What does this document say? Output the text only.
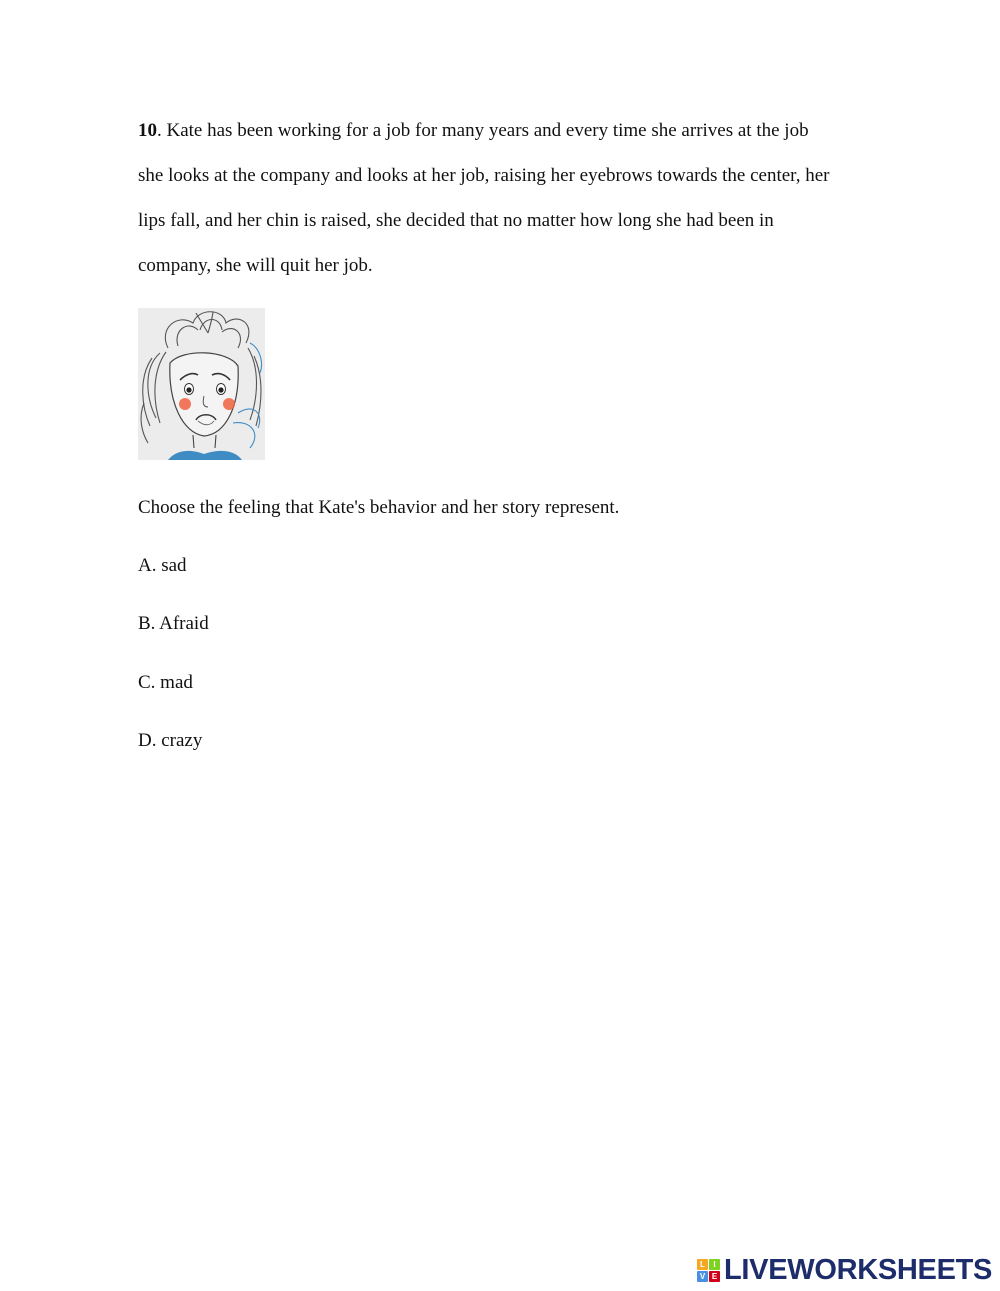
10. Kate has been working for a job for many years and every time she arrives at the job
she looks at the company and looks at her job, raising her eyebrows towards the center, her
lips fall, and her chin is raised, she decided that no matter how long she had been in
company, she will quit her job.
Choose the feeling that Kate's behavior and her story represent.
A. sad
B. Afraid
C. mad
D. crazy
L	I
V E LIVEWORKSHEETS
